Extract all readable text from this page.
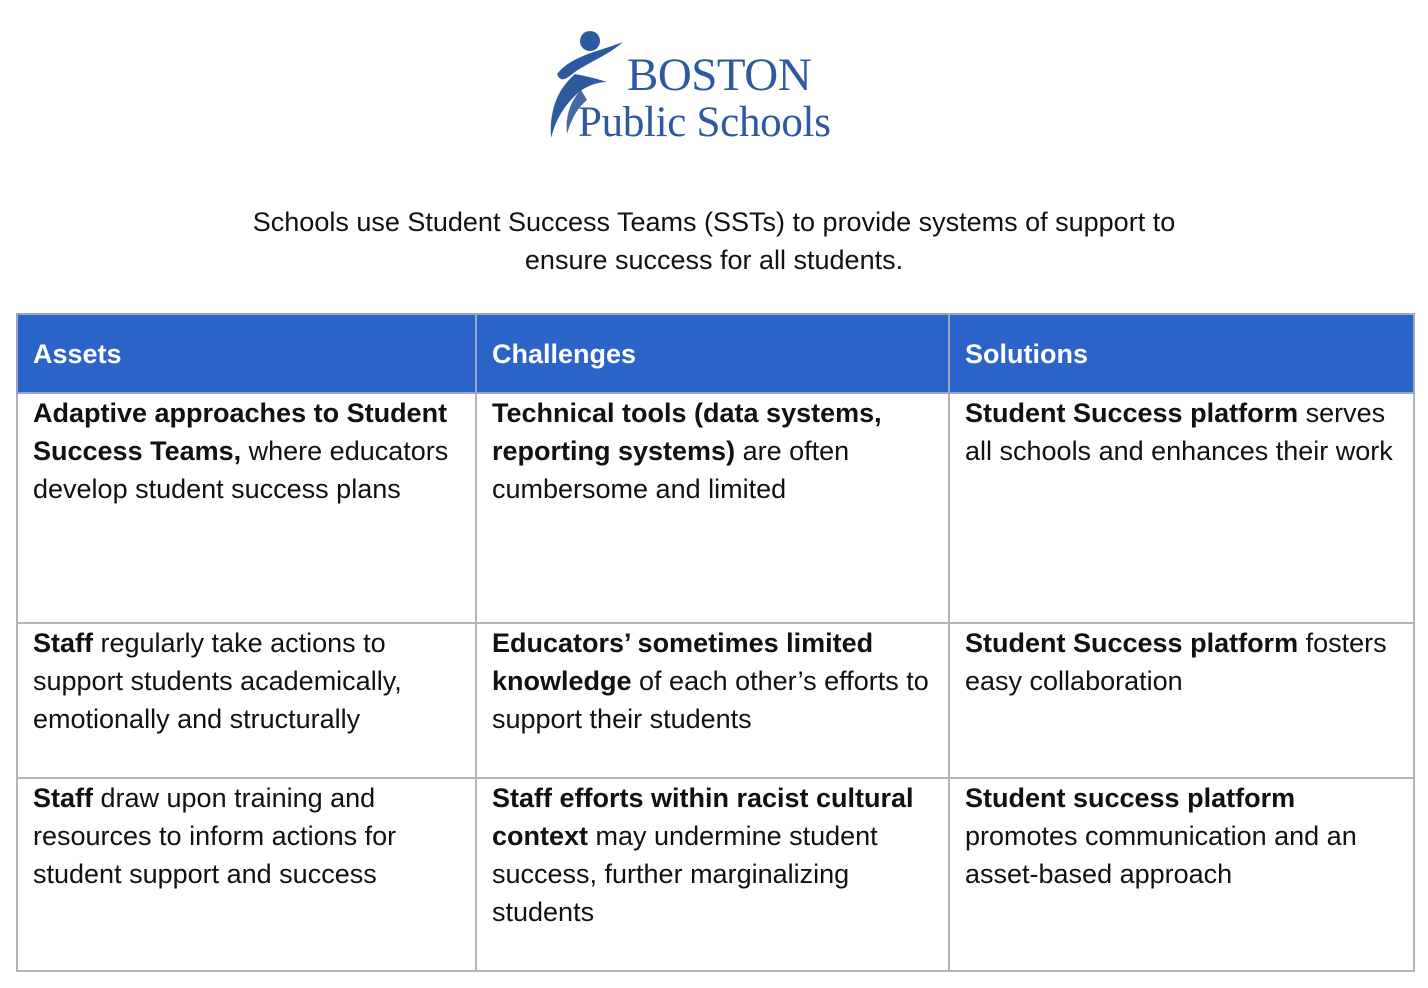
BOSTON
Public Schools
Schools use Student Success Teams (SSTs) to provide systems of support to
ensure success for all students.
Assets	Challenges	Solutions
Adaptive approaches to Student Success Teams, where educators develop student success plans	Technical tools (data systems, reporting systems) are often cumbersome and limited	Student Success platform serves all schools and enhances their work
Staff regularly take actions to support students academically, emotionally and structurally	Educators’ sometimes limited knowledge of each other’s efforts to support their students	Student Success platform fosters easy collaboration
Staff draw upon training and resources to inform actions for student support and success	Staff efforts within racist cultural context may undermine student success, further marginalizing students	Student success platform promotes communication and an asset-based approach
